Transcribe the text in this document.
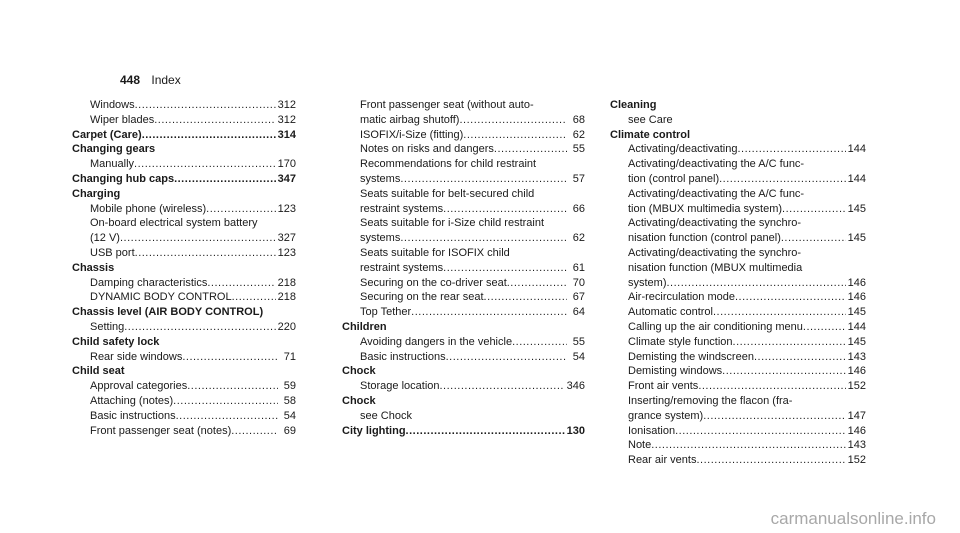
448 Index
Windows .....	312
Wiper blades .....	312
Carpet (Care) .....	314
Changing gears
Manually .....	170
Changing hub caps .....	347
Charging
Mobile phone (wireless) .....	123
On-board electrical system battery
(12 V) .....	327
USB port .....	123
Chassis
Damping characteristics .....	218
DYNAMIC BODY CONTROL .....	218
Chassis level (AIR BODY CONTROL)
Setting .....	220
Child safety lock
Rear side windows .....	71
Child seat
Approval categories .....	59
Attaching (notes) .....	58
Basic instructions .....	54
Front passenger seat (notes) .....	69
Front passenger seat (without auto-
matic airbag shutoff) .....	68
ISOFIX/i-Size (fitting) .....	62
Notes on risks and dangers .....	55
Recommendations for child restraint
systems .....	57
Seats suitable for belt-secured child
restraint systems .....	66
Seats suitable for i-Size child restraint
systems .....	62
Seats suitable for ISOFIX child
restraint systems .....	61
Securing on the co-driver seat .....	70
Securing on the rear seat .....	67
Top Tether .....	64
Children
Avoiding dangers in the vehicle .....	55
Basic instructions .....	54
Chock
Storage location .....	346
Chock
see Chock
City lighting .....	130
Cleaning
see Care
Climate control
Activating/deactivating .....	144
Activating/deactivating the A/C func-
tion (control panel) .....	144
Activating/deactivating the A/C func-
tion (MBUX multimedia system) .....	145
Activating/deactivating the synchro-
nisation function (control panel) .....	145
Activating/deactivating the synchro-
nisation function (MBUX multimedia
system) .....	146
Air-recirculation mode .....	146
Automatic control .....	145
Calling up the air conditioning menu .....	144
Climate style function .....	145
Demisting the windscreen .....	143
Demisting windows .....	146
Front air vents .....	152
Inserting/removing the flacon (fra-
grance system) .....	147
Ionisation .....	146
Note .....	143
Rear air vents .....	152
carmanualsonline.info
